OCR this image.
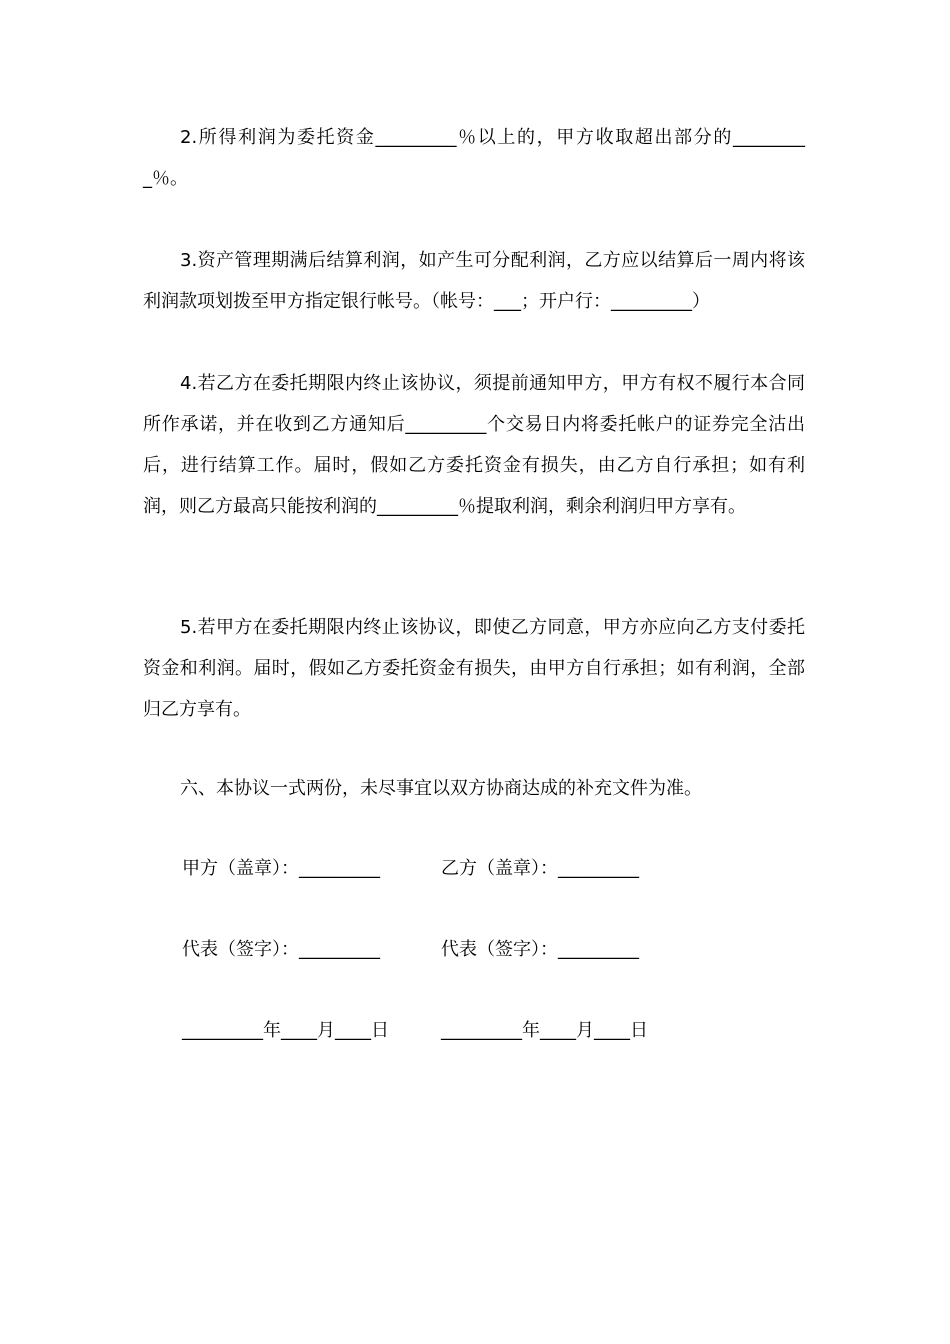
2.所得利润为委托资金_________％以上的，甲方收取超出部分的_________％。
3.资产管理期满后结算利润，如产生可分配利润，乙方应以结算后一周内将该利润款项划拨至甲方指定银行帐号。（帐号：___；开户行：_________）
4.若乙方在委托期限内终止该协议，须提前通知甲方，甲方有权不履行本合同所作承诺，并在收到乙方通知后_________个交易日内将委托帐户的证券完全沽出后，进行结算工作。届时，假如乙方委托资金有损失，由乙方自行承担；如有利润，则乙方最高只能按利润的_________％提取利润，剩余利润归甲方享有。
5.若甲方在委托期限内终止该协议，即使乙方同意，甲方亦应向乙方支付委托资金和利润。届时，假如乙方委托资金有损失，由甲方自行承担；如有利润，全部归乙方享有。
六、本协议一式两份，未尽事宜以双方协商达成的补充文件为准。

甲方（盖章）：_________

	乙方（盖章）：_________

代表（签字）：_________

	代表（签字）：_________

_________年____月____日

	_________年____月____日
